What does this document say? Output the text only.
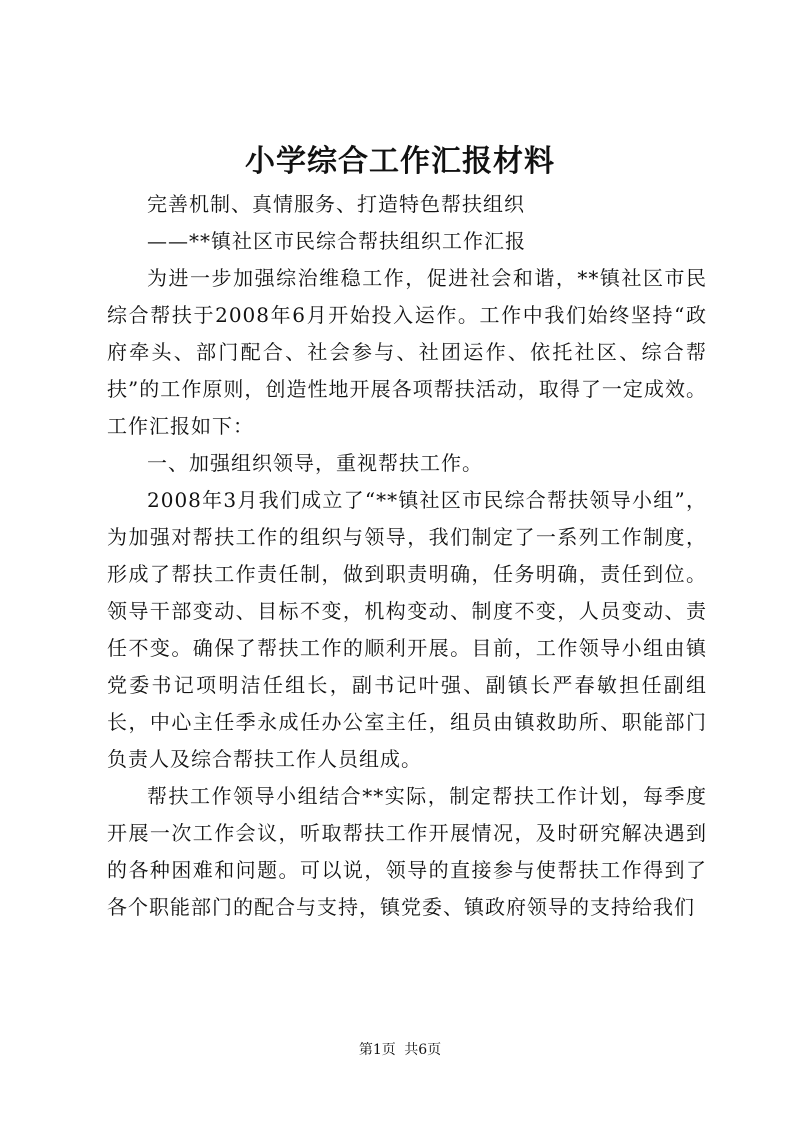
小学综合工作汇报材料

完善机制、真情服务、打造特色帮扶组织

——**镇社区市民综合帮扶组织工作汇报

为进一步加强综治维稳工作，促进社会和谐，**镇社区市民综合帮扶于2008年6月开始投入运作。工作中我们始终坚持“政府牵头、部门配合、社会参与、社团运作、依托社区、综合帮扶”的工作原则，创造性地开展各项帮扶活动，取得了一定成效。工作汇报如下：

一、加强组织领导，重视帮扶工作。

2008年3月我们成立了“**镇社区市民综合帮扶领导小组”，为加强对帮扶工作的组织与领导，我们制定了一系列工作制度，形成了帮扶工作责任制，做到职责明确，任务明确，责任到位。领导干部变动、目标不变，机构变动、制度不变，人员变动、责任不变。确保了帮扶工作的顺利开展。目前，工作领导小组由镇党委书记项明洁任组长，副书记叶强、副镇长严春敏担任副组长，中心主任季永成任办公室主任，组员由镇救助所、职能部门负责人及综合帮扶工作人员组成。

帮扶工作领导小组结合**实际，制定帮扶工作计划，每季度开展一次工作会议，听取帮扶工作开展情况，及时研究解决遇到的各种困难和问题。可以说，领导的直接参与使帮扶工作得到了各个职能部门的配合与支持，镇党委、镇政府领导的支持给我们

第1页 共6页
